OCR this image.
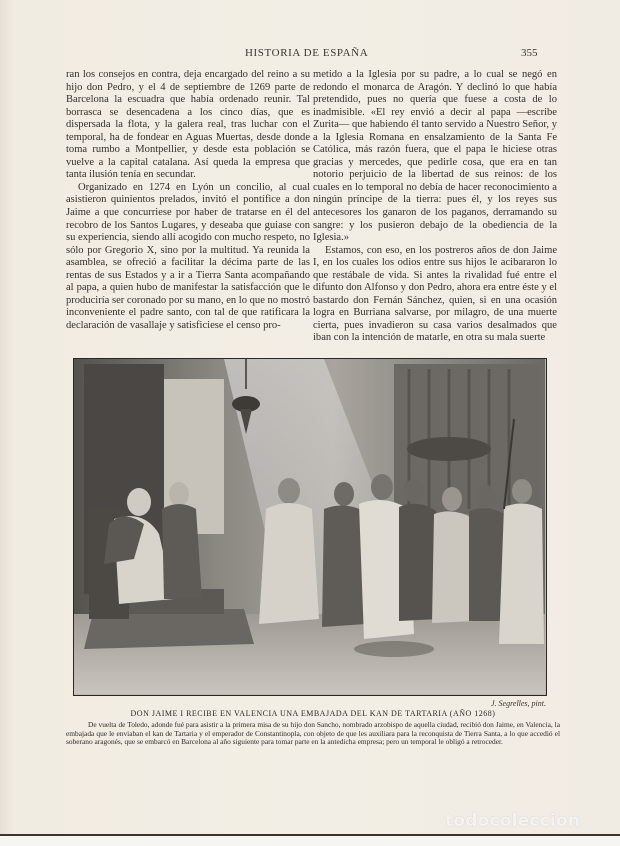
HISTORIA DE ESPAÑA	355

ran los consejos en contra, deja encargado del reino a su hijo don Pedro, y el 4 de septiembre de 1269 parte de Barcelona la escuadra que había ordenado reunir. Tal borrasca se desencadena a los cinco días, que es dispersada la flota, y la galera real, tras luchar con el temporal, ha de fondear en Aguas Muertas, desde donde toma rumbo a Montpellier, y desde esta población se vuelve a la capital catalana. Así queda la empresa que tanta ilusión tenía en secundar.

Organizado en 1274 en Lyón un concilio, al cual asistieron quinientos prelados, invitó el pontífice a don Jaime a que concurriese por haber de tratarse en él del recobro de los Santos Lugares, y deseaba que guiase con su experiencia, siendo allí acogido con mucho respeto, no sólo por Gregorio X, sino por la multitud. Ya reunida la asamblea, se ofreció a facilitar la décima parte de las rentas de sus Estados y a ir a Tierra Santa acompañando al papa, a quien hubo de manifestar la satisfacción que le produciría ser coronado por su mano, en lo que no mostró inconveniente el padre santo, con tal de que ratificara la declaración de vasallaje y satisficiese el censo pro-

metido a la Iglesia por su padre, a lo cual se negó en redondo el monarca de Aragón. Y declinó lo que había pretendido, pues no quería que fuese a costa de lo inadmisible. «El rey envió a decir al papa —escribe Zurita— que habiendo él tanto servido a Nuestro Señor, y a la Iglesia Romana en ensalzamiento de la Santa Fe Católica, más razón fuera, que el papa le hiciese otras gracias y mercedes, que pedirle cosa, que era en tan notorio perjuicio de la libertad de sus reinos: de los cuales en lo temporal no debía de hacer reconocimiento a ningún príncipe de la tierra: pues él, y los reyes sus antecesores los ganaron de los paganos, derramando su sangre: y los pusieron debajo de la obediencia de la Iglesia.»

Estamos, con eso, en los postreros años de don Jaime I, en los cuales los odios entre sus hijos le acibararon lo que restábale de vida. Si antes la rivalidad fué entre el difunto don Alfonso y don Pedro, ahora era entre éste y el bastardo don Fernán Sánchez, quien, si en una ocasión logra en Burriana salvarse, por milagro, de una muerte cierta, pues invadieron su casa varios desalmados que iban con la intención de matarle, en otra su mala suerte

J. Segrelles, pint.
DON JAIME I RECIBE EN VALENCIA UNA EMBAJADA DEL KAN DE TARTARIA (AÑO 1268)

De vuelta de Toledo, adonde fué para asistir a la primera misa de su hijo don Sancho, nombrado arzobispo de aquella ciudad, recibió don Jaime, en Valencia, la embajada que le enviaban el kan de Tartaria y el emperador de Constantinopla, con objeto de que les auxiliara para la reconquista de Tierra Santa, a lo que accedió el soberano aragonés, que se embarcó en Barcelona al año siguiente para tomar parte en la antedicha empresa; pero un temporal le obligó a retroceder.

todocoleccion
